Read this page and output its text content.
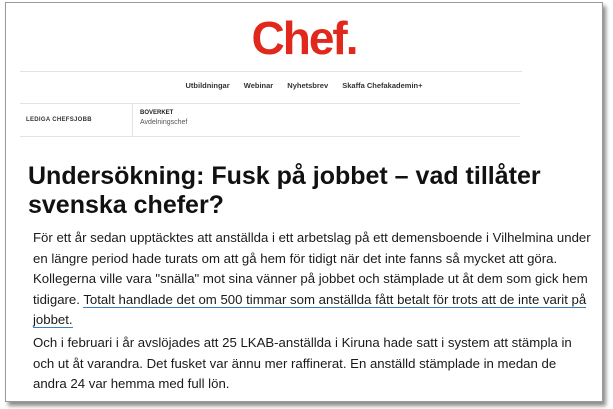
Chef.
Utbildningar Webinar Nyhetsbrev Skaffa Chefakademin+
LEDIGA CHEFSJOBB
BOVERKET
Avdelningschef
Undersökning: Fusk på jobbet – vad tillåter svenska chefer?

För ett år sedan upptäcktes att anställda i ett arbetslag på ett demensboende i Vilhelmina under en längre period hade turats om att gå hem för tidigt när det inte fanns så mycket att göra. Kollegerna ville vara "snälla" mot sina vänner på jobbet och stämplade ut åt dem som gick hem tidigare. Totalt handlade det om 500 timmar som anställda fått betalt för trots att de inte varit på jobbet.

Och i februari i år avslöjades att 25 LKAB-anställda i Kiruna hade satt i system att stämpla in och ut åt varandra. Det fusket var ännu mer raffinerat. En anställd stämplade in medan de andra 24 var hemma med full lön.
